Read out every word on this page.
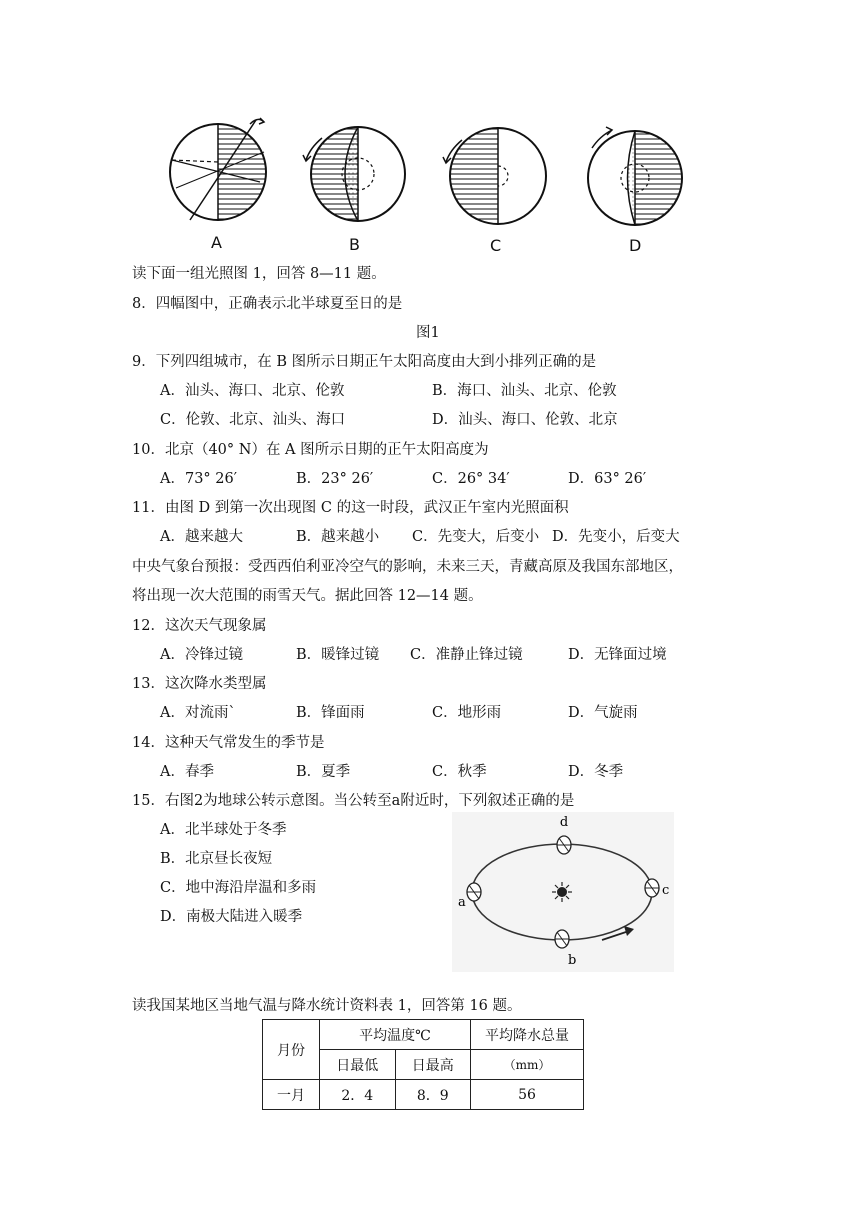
A	B	C	D
读下面一组光照图 1，回答 8—11 题。
8．四幅图中，正确表示北半球夏至日的是
图1
9．下列四组城市，在 B 图所示日期正午太阳高度由大到小排列正确的是
A．汕头、海口、北京、伦敦	B．海口、汕头、北京、伦敦
C．伦敦、北京、汕头、海口	D．汕头、海口、伦敦、北京
10．北京（40° N）在 A 图所示日期的正午太阳高度为
A．73° 26′	B．23° 26′	C．26° 34′	D．63° 26′
11．由图 D 到第一次出现图 C 的这一时段，武汉正午室内光照面积
A．越来越大	B．越来越小 C．先变大，后变小 D．先变小，后变大
中央气象台预报：受西西伯利亚冷空气的影响，未来三天，青藏高原及我国东部地区，
将出现一次大范围的雨雪天气。据此回答 12—14 题。
12．这次天气现象属
A．冷锋过镜	B．暖锋过镜 C．准静止锋过镜	D．无锋面过境
13．这次降水类型属
A．对流雨`	B．锋面雨	C．地形雨	D．气旋雨
14．这种天气常发生的季节是
A．春季	B．夏季	C．秋季	D．冬季
15．右图2为地球公转示意图。当公转至a附近时，下列叙述正确的是
A．北半球处于冬季
B．北京昼长夜短
C．地中海沿岸温和多雨
D．南极大陆进入暖季
d
a
c
b
读我国某地区当地气温与降水统计资料表 1，回答第 16 题。
月份	平均温度℃		平均降水总量
	日最低	日最高	（mm）
一月	2．4	8．9	56
